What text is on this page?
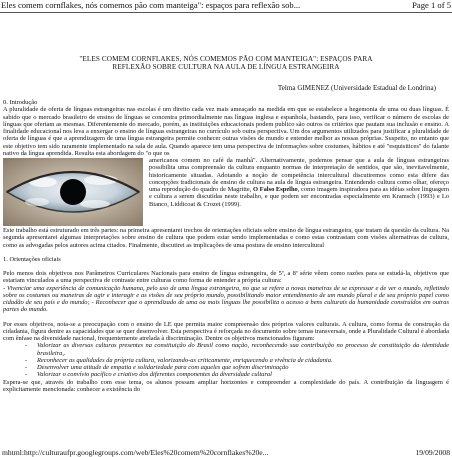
Eles comem cornflakes, nós comemos pão com manteiga": espaços para reflexão sob...	Page 1 of 5
"ELES COMEM CORNFLAKES, NÓS COMEMOS PÃO COM MANTEIGA": ESPAÇOS PARA
REFLEXÃO SOBRE CULTURA NA AULA DE LÍNGUA ESTRANGEIRA
Telma GIMENEZ (Universidade Estadual de Londrina)

0. Introdução

A pluralidade de oferta de línguas estrangeiras nas escolas é um direito cada vez mais ameaçado na medida em que se estabelece a hegemonia de uma ou duas línguas. É sabido que o mercado brasileiro de ensino de línguas se concentra primordialmente nas línguas inglesa e espanhola, bastando, para isso, verificar o número de escolas de línguas que ofertam as mesmas. Diferentemente do mercado, porém, as instituições educacionais podem publico são outros os critérios que pautam sua inclusão e ensino. A finalidade educacional nos leva a enxergar o ensino de línguas estrangeiras no currículo sob outra perspectiva. Um dos argumentos utilizados para justificar a pluralidade de oferta de línguas é que a aprendizagem de uma língua estrangeira permite conhecer outras visões de mundo e entender melhor as nossas próprias. Suspeito, no entanto que este objetivo tem sido raramente implementado na sala de aula. Quando aparece tem uma perspectiva de informações sobre costumes, hábitos e até "esquisitices" do falante nativo da língua aprendida. Resulta esta abordagem do "o que os

americanos comem no café da manhã". Alternativamente, podemos pensar que a aula de línguas estrangeiras possibilita uma compreensão da cultura enquanto normas de interpretação de sentidos, que são, inevitavelmente, historicamente situadas. Adotando a noção de competência intercultural discutiremos como esta difere das concepções tradicionais de ensino de cultura na aula de língua estrangeira. Entendendo cultura como olhar, ofereço uma reprodução do quadro de Magritte, O Falso Espelho, como imagem inspiradora para as idéias sobre linguagem e cultura a serem discutidas neste trabalho, e que podem ser encontradas especialmente em Kramsch (1993) e Lo Bianco, Liddicoat & Crozet (1999).

Este trabalho está estruturado em três partes: na primeira apresentarei trechos de orientações oficiais sobre ensino de língua estrangeira, que tratam da questão da cultura. Na segunda apresentarei algumas interpretações sobre ensino de cultura que podem estar sendo implementadas e como estas contrastam com visões alternativas de cultura, como as advogadas pelos autores acima citados. Finalmente, discutirei as implicações de uma postura de ensino intercultural

1. Orientações oficiais

Pelo menos dois objetivos nos Parâmetros Curriculares Nacionais para ensino de língua estrangeira, de 5ª, a 8ª série vêem como razões para se estudá-la, objetivos que estariam vinculados a uma perspectiva de contraste entre culturas como forma de entender a própria cultura:

- Vivenciar uma experiência de comunicação humana, pelo uso de uma língua estrangeira, no que se refere a novas maneiras de se expressar e de ver o mundo, refletindo sobre os costumes ou maneiras de agir e interagir e as visões de seu próprio mundo, possibilitando maior entendimento de um mundo plural e de seu próprio papel como cidadão de seu país e do mundo; - Reconhecer que o aprendizado de uma ou mais línguas lhe possibilita o acesso a bens culturais da humanidade construídos em outras partes do mundo.

Por esses objetivos, nota-se a preocupação com o ensino de LE que permita maior compreensão dos próprios valores culturais. A cultura, como forma de construção da cidadania, figura dentre as capacidades que se quer desenvolver. Esta perspectiva é reforçada no documento sobre temas transversais, onde a Pluralidade Cultural é abordada com ênfase na diversidade nacional, frequentemente atrelada à discriminação. Dentre os objetivos mencionados figuram:

- Valorizar as diversas culturas presentes na constituição do Brasil como nação, reconhecendo sua contribuição no processo de constituição da identidade brasileira,.
- Reconhecer as qualidades da própria cultura, valorizando-as criticamente, enriquecendo a vivência de cidadania.
- Desenvolver uma atitude de empatia e solidariedade para com aqueles que sofrem discriminação
- Valorizar o convívio pacífico e criativo dos diferentes componentes da diversidade cultural

Espera-se que, através do trabalho com esse tema, os alunos possam ampliar horizontes e compreender a complexidade do país. A contribuição da linguagem é explicitamente mencionada: conhecer a existência do

mhtml:http://culturaufpr.googlegroups.com/web/Eles%20comem%20cornflakes%20e...	19/09/2008
